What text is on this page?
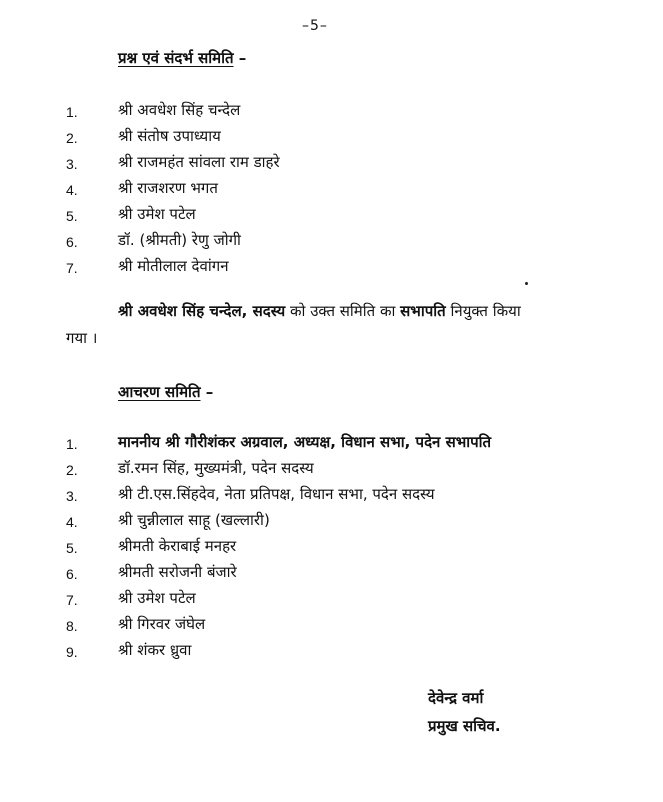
–5–
प्रश्न एवं संदर्भ समिति –
1.	श्री अवधेश सिंह चन्देल
2.	श्री संतोष उपाध्याय
3.	श्री राजमहंत सांवला राम डाहरे
4.	श्री राजशरण भगत
5.	श्री उमेश पटेल
6.	डॉ. (श्रीमती) रेणु जोगी
7.	श्री मोतीलाल देवांगन
श्री अवधेश सिंह चन्देल, सदस्य को उक्त समिति का सभापति नियुक्त किया
गया ।
आचरण समिति –
1.	माननीय श्री गौरीशंकर अग्रवाल, अध्यक्ष, विधान सभा, पदेन सभापति
2.	डॉ.रमन सिंह, मुख्यमंत्री, पदेन सदस्य
3.	श्री टी.एस.सिंहदेव, नेता प्रतिपक्ष, विधान सभा, पदेन सदस्य
4.	श्री चुन्नीलाल साहू (खल्लारी)
5.	श्रीमती केराबाई मनहर
6.	श्रीमती सरोजनी बंजारे
7.	श्री उमेश पटेल
8.	श्री गिरवर जंघेल
9.	श्री शंकर ध्रुवा
देवेन्द्र वर्मा
प्रमुख सचिव.
